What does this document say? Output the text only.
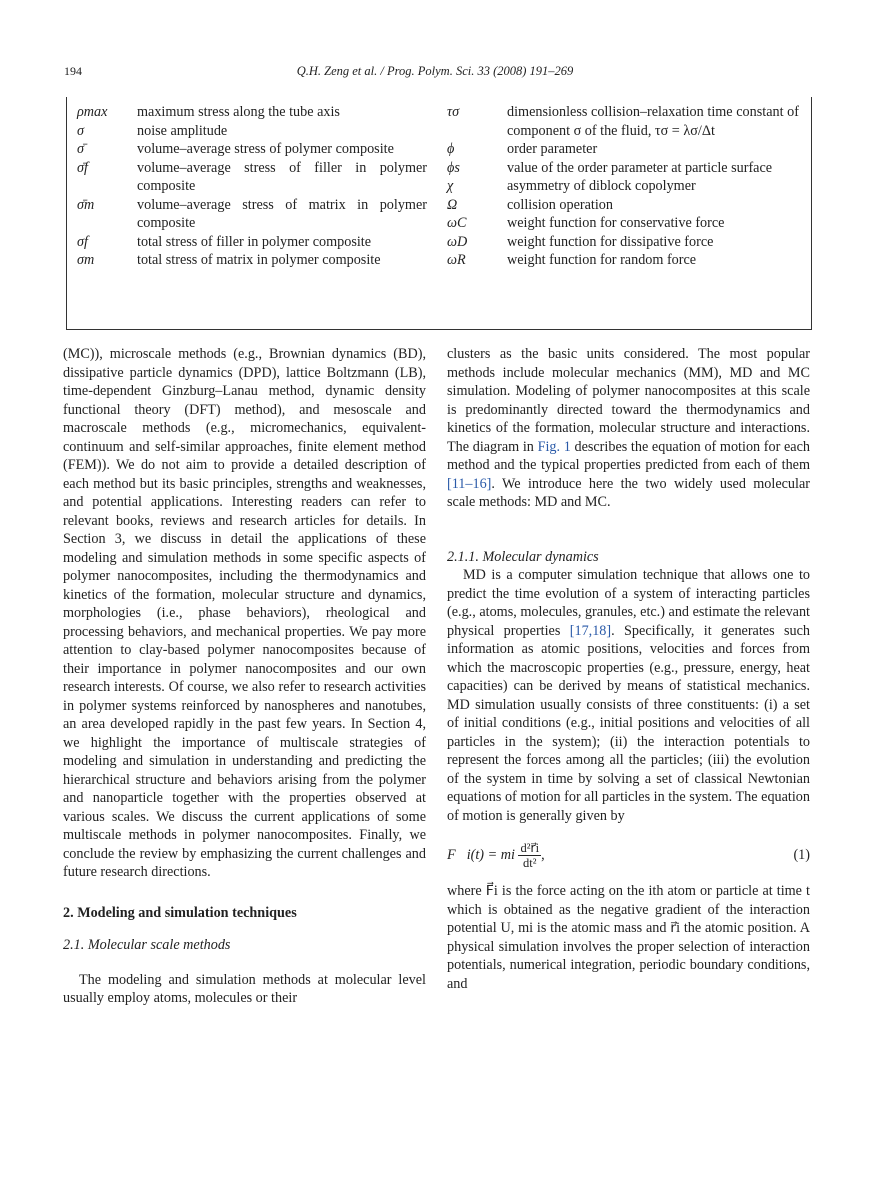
194	Q.H. Zeng et al. / Prog. Polym. Sci. 33 (2008) 191–269
ρmax	maximum stress along the tube axis
σ	noise amplitude
σ̄	volume–average stress of polymer composite
σ̄f	volume–average stress of filler in polymer composite
σ̄m	volume–average stress of matrix in polymer composite
σf	total stress of filler in polymer composite
σm	total stress of matrix in polymer composite
τσ	dimensionless collision–relaxation time constant of component σ of the fluid, τσ = λσ/Δt
ϕ	order parameter
ϕs	value of the order parameter at particle surface
χ	asymmetry of diblock copolymer
Ω	collision operation
ωC	weight function for conservative force
ωD	weight function for dissipative force
ωR	weight function for random force

(MC)), microscale methods (e.g., Brownian dynamics (BD), dissipative particle dynamics (DPD), lattice Boltzmann (LB), time-dependent Ginzburg–Lanau method, dynamic density functional theory (DFT) method), and mesoscale and macroscale methods (e.g., micromechanics, equivalent-continuum and self-similar approaches, finite element method (FEM)). We do not aim to provide a detailed description of each method but its basic principles, strengths and weaknesses, and potential applications. Interesting readers can refer to relevant books, reviews and research articles for details. In Section 3, we discuss in detail the applications of these modeling and simulation methods in some specific aspects of polymer nanocomposites, including the thermodynamics and kinetics of the formation, molecular structure and dynamics, morphologies (i.e., phase behaviors), rheological and processing behaviors, and mechanical properties. We pay more attention to clay-based polymer nanocomposites because of their importance in polymer nanocomposites and our own research interests. Of course, we also refer to research activities in polymer systems reinforced by nanospheres and nanotubes, an area developed rapidly in the past few years. In Section 4, we highlight the importance of multiscale strategies of modeling and simulation in understanding and predicting the hierarchical structure and behaviors arising from the polymer and nanoparticle together with the properties observed at various scales. We discuss the current applications of some multiscale methods in polymer nanocomposites. Finally, we conclude the review by emphasizing the current challenges and future research directions.

2. Modeling and simulation techniques

2.1. Molecular scale methods

The modeling and simulation methods at molecular level usually employ atoms, molecules or their

clusters as the basic units considered. The most popular methods include molecular mechanics (MM), MD and MC simulation. Modeling of polymer nanocomposites at this scale is predominantly directed toward the thermodynamics and kinetics of the formation, molecular structure and interactions. The diagram in Fig. 1 describes the equation of motion for each method and the typical properties predicted from each of them [11–16]. We introduce here the two widely used molecular scale methods: MD and MC.

2.1.1. Molecular dynamics

MD is a computer simulation technique that allows one to predict the time evolution of a system of interacting particles (e.g., atoms, molecules, granules, etc.) and estimate the relevant physical properties [17,18]. Specifically, it generates such information as atomic positions, velocities and forces from which the macroscopic properties (e.g., pressure, energy, heat capacities) can be derived by means of statistical mechanics. MD simulation usually consists of three constituents: (i) a set of initial conditions (e.g., initial positions and velocities of all particles in the system); (ii) the interaction potentials to represent the forces among all the particles; (iii) the evolution of the system in time by solving a set of classical Newtonian equations of motion for all particles in the system. The equation of motion is generally given by

F⃗i(t) = mi $\frac{\text{d²r⃗i}}{\text{dt²}}$ ,	(1)

where F⃗i is the force acting on the ith atom or particle at time t which is obtained as the negative gradient of the interaction potential U, mi is the atomic mass and r⃗i the atomic position. A physical simulation involves the proper selection of interaction potentials, numerical integration, periodic boundary conditions, and
